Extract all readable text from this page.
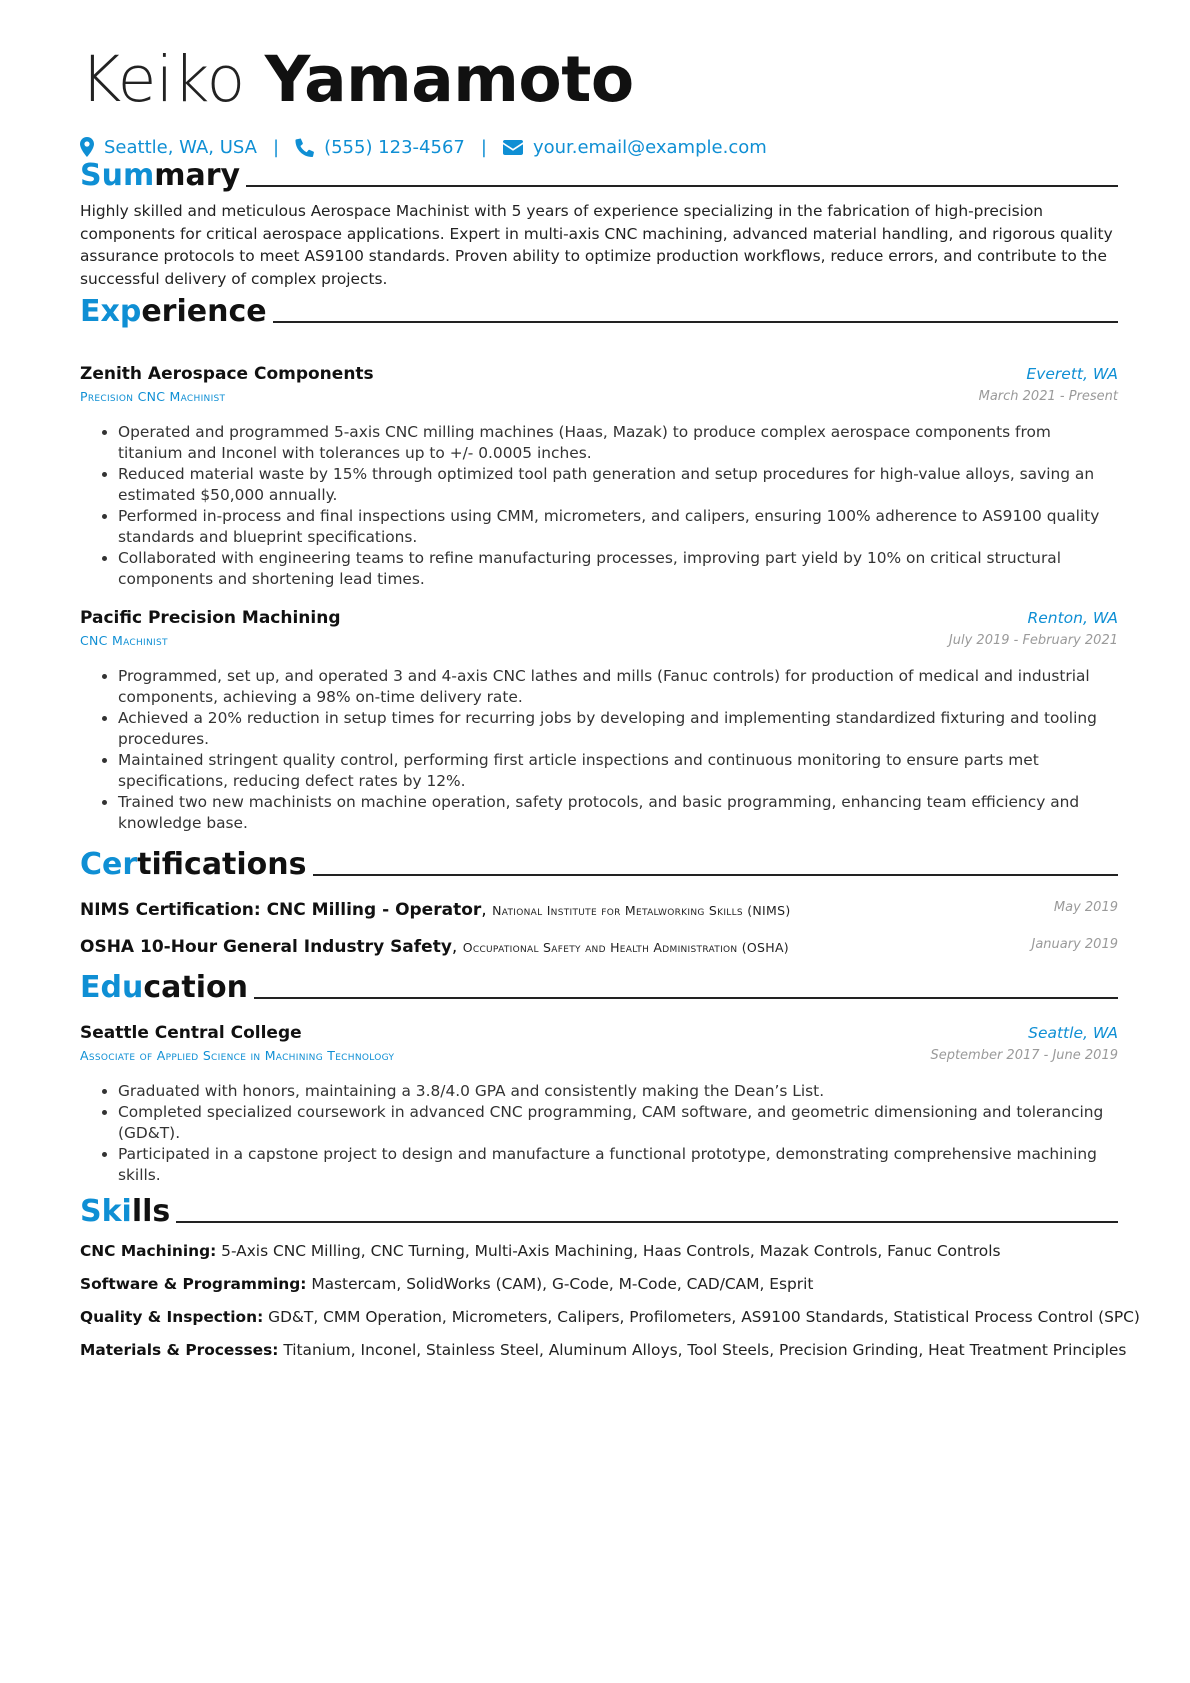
Keiko Yamamoto
Seattle, WA, USA |	(555) 123-4567 |	your.email@example.com
Summary
Highly skilled and meticulous Aerospace Machinist with 5 years of experience specializing in the fabrication of high-precision components for critical aerospace applications. Expert in multi-axis CNC machining, advanced material handling, and rigorous quality assurance protocols to meet AS9100 standards. Proven ability to optimize production workflows, reduce errors, and contribute to the successful delivery of complex projects.
Experience
Zenith Aerospace Components	Everett, WA
Precision CNC Machinist	March 2021 - Present
• Operated and programmed 5-axis CNC milling machines (Haas, Mazak) to produce complex aerospace components from titanium and Inconel with tolerances up to +/- 0.0005 inches.
• Reduced material waste by 15% through optimized tool path generation and setup procedures for high-value alloys, saving an estimated $50,000 annually.
• Performed in-process and final inspections using CMM, micrometers, and calipers, ensuring 100% adherence to AS9100 quality standards and blueprint specifications.
• Collaborated with engineering teams to refine manufacturing processes, improving part yield by 10% on critical structural components and shortening lead times.
Pacific Precision Machining	Renton, WA
CNC Machinist	July 2019 - February 2021
• Programmed, set up, and operated 3 and 4-axis CNC lathes and mills (Fanuc controls) for production of medical and industrial components, achieving a 98% on-time delivery rate.
• Achieved a 20% reduction in setup times for recurring jobs by developing and implementing standardized fixturing and tooling procedures.
• Maintained stringent quality control, performing first article inspections and continuous monitoring to ensure parts met specifications, reducing defect rates by 12%.
• Trained two new machinists on machine operation, safety protocols, and basic programming, enhancing team efficiency and knowledge base.
Certifications
NIMS Certification: CNC Milling - Operator, National Institute for Metalworking Skills (NIMS)	May 2019
OSHA 10-Hour General Industry Safety, Occupational Safety and Health Administration (OSHA)	January 2019
Education
Seattle Central College	Seattle, WA
Associate of Applied Science in Machining Technology	September 2017 - June 2019
• Graduated with honors, maintaining a 3.8/4.0 GPA and consistently making the Dean’s List.
• Completed specialized coursework in advanced CNC programming, CAM software, and geometric dimensioning and tolerancing (GD&T).
• Participated in a capstone project to design and manufacture a functional prototype, demonstrating comprehensive machining skills.
Skills
CNC Machining: 5-Axis CNC Milling, CNC Turning, Multi-Axis Machining, Haas Controls, Mazak Controls, Fanuc Controls
Software & Programming: Mastercam, SolidWorks (CAM), G-Code, M-Code, CAD/CAM, Esprit
Quality & Inspection: GD&T, CMM Operation, Micrometers, Calipers, Profilometers, AS9100 Standards, Statistical Process Control (SPC)
Materials & Processes: Titanium, Inconel, Stainless Steel, Aluminum Alloys, Tool Steels, Precision Grinding, Heat Treatment Principles
